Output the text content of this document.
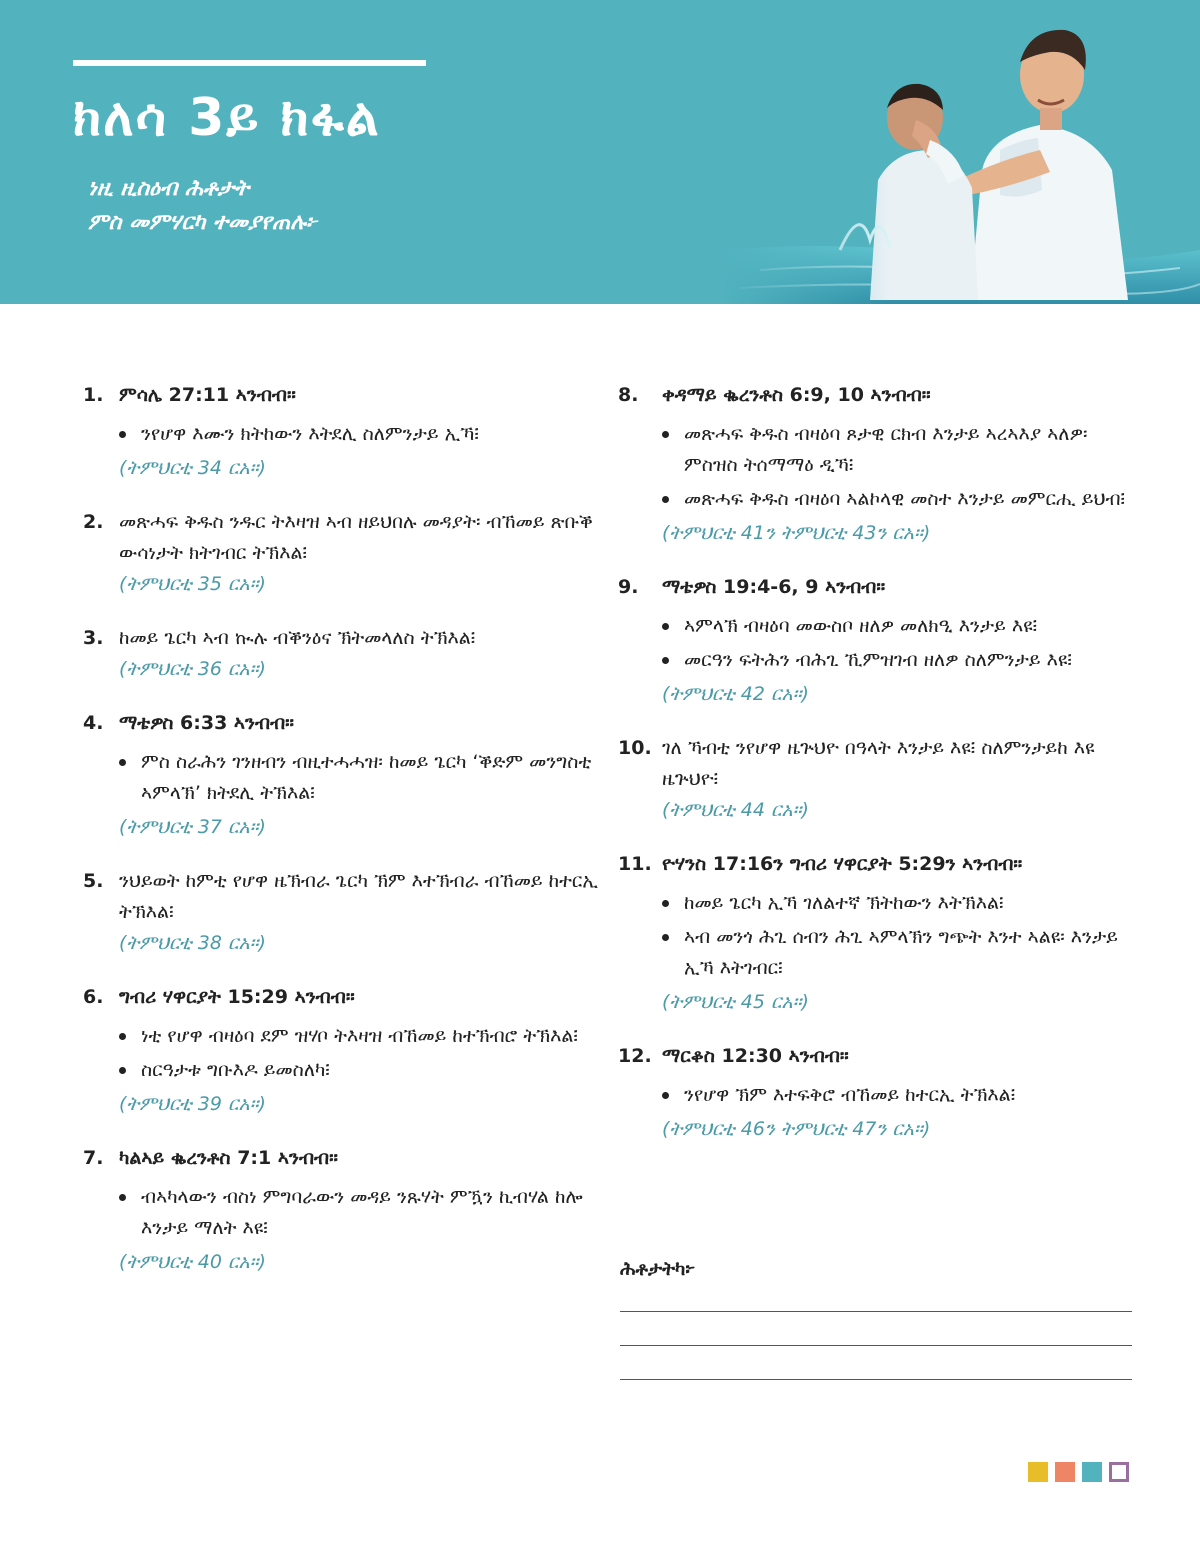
ክለሳ 3ይ ክፋል
ነዚ ዚስዕብ ሕቶታት
ምስ መምሃርካ ተመያየጠሉ፦
1. ምሳሌ 27:11 ኣንብብ።
ንየሆዋ እሙን ክትከውን እትደሊ ስለምንታይ ኢኻ፧
(ትምህርቲ 34 ርአ።)
2. መጽሓፍ ቅዱስ ንዱር ትእዛዝ ኣብ ዘይህበሉ መዳያት፡ ብኸመይ ጽቡቕ ውሳነታት ክትገብር ትኽእል፧
(ትምህርቲ 35 ርአ።)
3. ከመይ ጌርካ ኣብ ኲሉ ብቕንዕና ኽትመላለስ ትኽእል፧
(ትምህርቲ 36 ርአ።)
4. ማቴዎስ 6:33 ኣንብብ።
ምስ ስራሕን ገንዘብን ብዚተሓሓዝ፡ ከመይ ጌርካ ‘ቕድም መንግስቲ ኣምላኽ’ ክትደሊ ትኽእል፧
(ትምህርቲ 37 ርአ።)
5. ንህይወት ከምቲ የሆዋ ዜኽብራ ጌርካ ኽም እተኽብራ ብኸመይ ከተርኢ ትኽእል፧
(ትምህርቲ 38 ርአ።)
6. ግብሪ ሃዋርያት 15:29 ኣንብብ።
ነቲ የሆዋ ብዛዕባ ደም ዝሃቦ ትእዛዝ ብኸመይ ከተኽብሮ ትኽእል፧
ስርዓታቱ ግቡእዶ ይመስለካ፧
(ትምህርቲ 39 ርአ።)
7. ካልኣይ ቈረንቶስ 7:1 ኣንብብ።
ብኣካላውን ብስነ ምግባራውን መዳይ ንጹሃት ምዃን ኪብሃል ከሎ እንታይ ማለት እዩ፧
(ትምህርቲ 40 ርአ።)
8. ቀዳማይ ቈረንቶስ 6:9, 10 ኣንብብ።
መጽሓፍ ቅዱስ ብዛዕባ ጾታዊ ርክብ እንታይ ኣረኣእያ ኣለዎ፡ ምስዝስ ትሰማማዕ ዲኻ፧
መጽሓፍ ቅዱስ ብዛዕባ ኣልኮላዊ መስተ እንታይ መምርሒ ይህብ፧
(ትምህርቲ 41ን ትምህርቲ 43ን ርአ።)
9. ማቴዎስ 19:4-6, 9 ኣንብብ።
ኣምላኽ ብዛዕባ መውስቦ ዘለዎ መለክዒ እንታይ እዩ፧
መርዓን ፍትሕን ብሕጊ ኺምዝገብ ዘለዎ ስለምንታይ እዩ፧
(ትምህርቲ 42 ርአ።)
10. ገለ ኻብቲ ንየሆዋ ዜጕህዮ በዓላት እንታይ እዩ፧ ስለምንታይከ እዩ ዜጕህዮ፧
(ትምህርቲ 44 ርአ።)
11. ዮሃንስ 17:16ን ግብሪ ሃዋርያት 5:29ን ኣንብብ።
ከመይ ጌርካ ኢኻ ገለልተኛ ኽትከውን እትኽእል፧
ኣብ መንጎ ሕጊ ሰብን ሕጊ ኣምላኽን ግጭት እንተ ኣልዩ፡ እንታይ ኢኻ እትገብር፧
(ትምህርቲ 45 ርአ።)
12. ማርቆስ 12:30 ኣንብብ።
ንየሆዋ ኽም እተፍቅሮ ብኸመይ ከተርኢ ትኽእል፧
(ትምህርቲ 46ን ትምህርቲ 47ን ርአ።)
ሕቶታትካ፦
